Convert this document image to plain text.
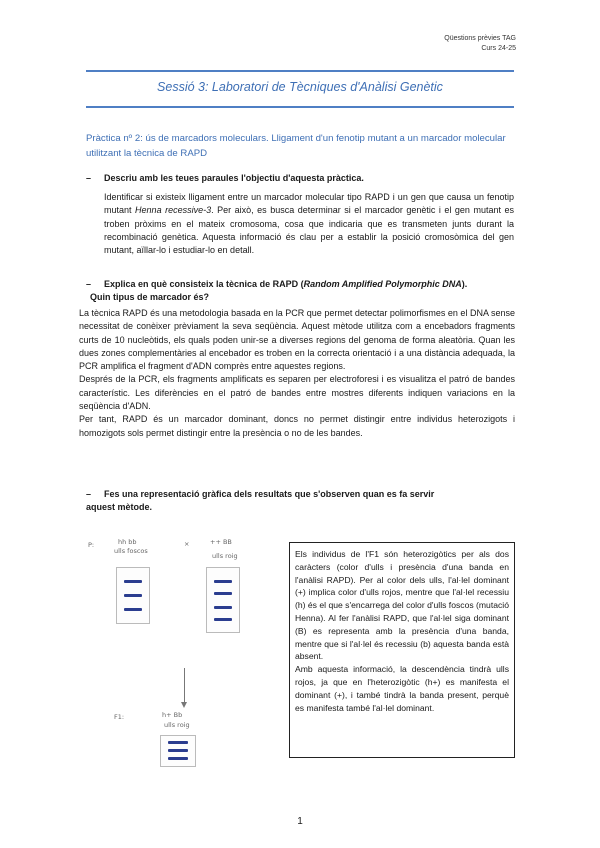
Qüestions prèvies TAG
Curs 24-25
Sessió 3: Laboratori de Tècniques d'Anàlisi Genètic
Pràctica nº 2: ús de marcadors moleculars. Lligament d'un fenotip mutant a un marcador molecular utilitzant la tècnica de RAPD
– Descriu amb les teues paraules l'objectiu d'aquesta pràctica.

Identificar si existeix lligament entre un marcador molecular tipo RAPD i un gen que causa un fenotip mutant Henna recessive-3. Per això, es busca determinar si el marcador genètic i el gen mutant es troben pròxims en el mateix cromosoma, cosa que indicaria que es transmeten junts durant la recombinació genètica. Aquesta informació és clau per a establir la posició cromosòmica del gen mutant, aïllar-lo i estudiar-lo en detall.

– Explica en què consisteix la tècnica de RAPD (Random Amplified Polymorphic DNA).
Quin tipus de marcador és?

La tècnica RAPD és una metodologia basada en la PCR que permet detectar polimorfismes en el DNA sense necessitat de conèixer prèviament la seva seqüència. Aquest mètode utilitza com a encebadors fragments curts de 10 nucleòtids, els quals poden unir-se a diverses regions del genoma de forma aleatòria. Quan les dues zones complementàries al encebador es troben en la correcta orientació i a una distància adequada, la PCR amplifica el fragment d'ADN comprès entre aquestes regions.

Després de la PCR, els fragments amplificats es separen per electroforesi i es visualitza el patró de bandes característic. Les diferències en el patró de bandes entre mostres diferents indiquen variacions en la seqüència d'ADN.

Per tant, RAPD és un marcador dominant, doncs no permet distingir entre individus heterozigots i homozigots sols permet distingir entre la presència o no de les bandes.

– Fes una representació gràfica dels resultats que s'observen quan es fa servir
aquest mètode.
P:	hh bb
ulls foscos
×	++ BB
ulls roig
F1:	h+ Bb
ulls roig

Els individus de l'F1 són heterozigòtics per als dos caràcters (color d'ulls i presència d'una banda en l'anàlisi RAPD). Per al color dels ulls, l'al·lel dominant (+) implica color d'ulls rojos, mentre que l'al·lel recessiu (h) és el que s'encarrega del color d'ulls foscos (mutació Henna). Al fer l'anàlisi RAPD, que l'al·lel siga dominant (B) es representa amb la presència d'una banda, mentre que si l'al·lel és recessiu (b) aquesta banda està absent.

Amb aquesta informació, la descendència tindrà ulls rojos, ja que en l'heterozigòtic (h+) es manifesta el dominant (+), i també tindrà la banda present, perquè es manifesta també l'al·lel dominant.

1
